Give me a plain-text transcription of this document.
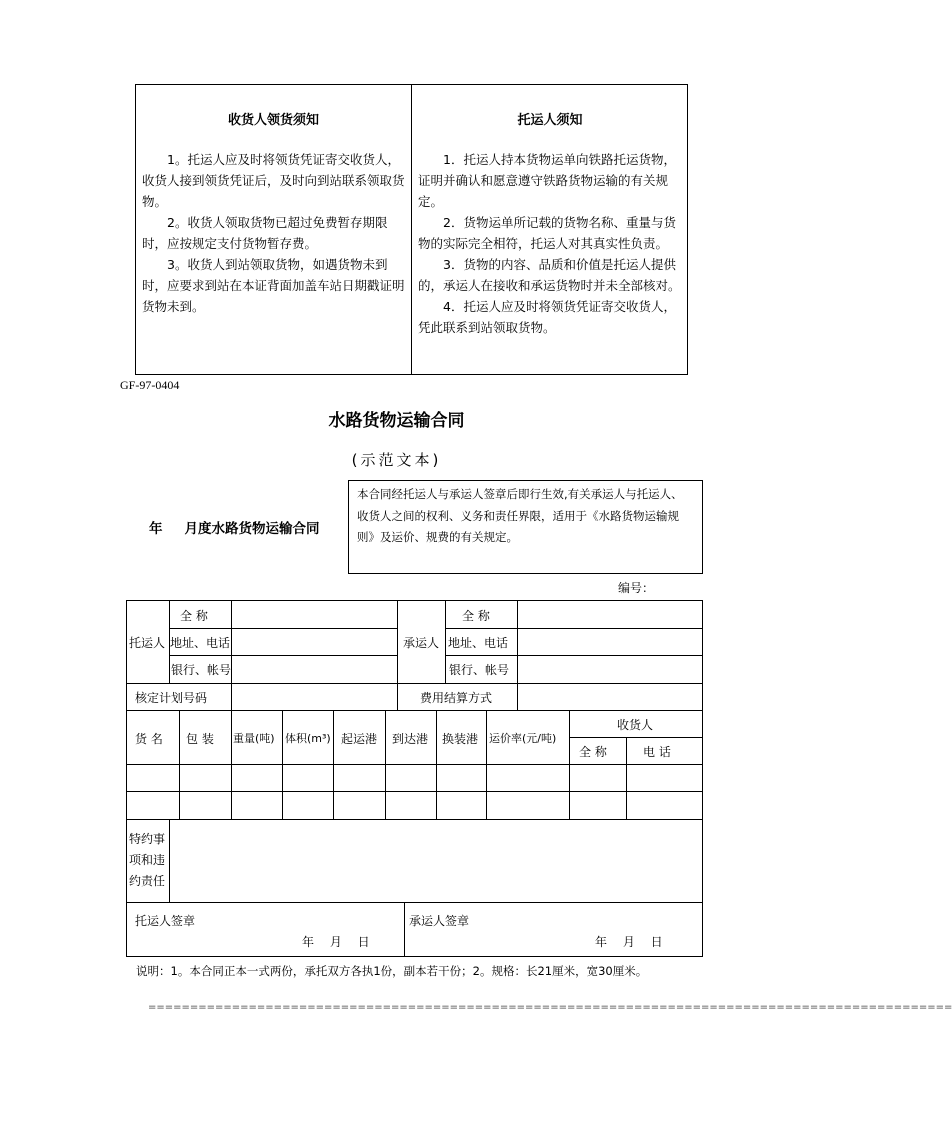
收货人领货须知

1。托运人应及时将领货凭证寄交收货人，收货人接到领货凭证后，及时向到站联系领取货物。

2。收货人领取货物已超过免费暂存期限时，应按规定支付货物暂存费。

3。收货人到站领取货物，如遇货物未到时，应要求到站在本证背面加盖车站日期戳证明货物未到。

托运人须知

1．托运人持本货物运单向铁路托运货物，证明并确认和愿意遵守铁路货物运输的有关规定。

2．货物运单所记载的货物名称、重量与货物的实际完全相符，托运人对其真实性负责。

3．货物的内容、品质和价值是托运人提供的，承运人在接收和承运货物时并未全部核对。

4．托运人应及时将领货凭证寄交收货人，凭此联系到站领取货物。

GF-97-0404
水路货物运输合同
(示范文本)
年 月度水路货物运输合同
本合同经托运人与承运人签章后即行生效,有关承运人与托运人、收货人之间的权利、义务和责任界限，适用于《水路货物运输规则》及运价、规费的有关规定。
编号：
托运人
全 称
地址、电话
银行、帐号
承运人
全 称
地址、电话
银行、帐号
核定计划号码	费用结算方式
货 名 包 装 重量(吨) 体积(m³) 起运港 到达港 换装港 运价率(元/吨)
收货人
全 称	电 话
特约事
项和违
约责任
托运人签章
年　 月　 日
承运人签章
年　 月　 日
说明：1。本合同正本一式两份，承托双方各执1份，副本若干份；2。规格：长21厘米，宽30厘米。
================================================================================================
